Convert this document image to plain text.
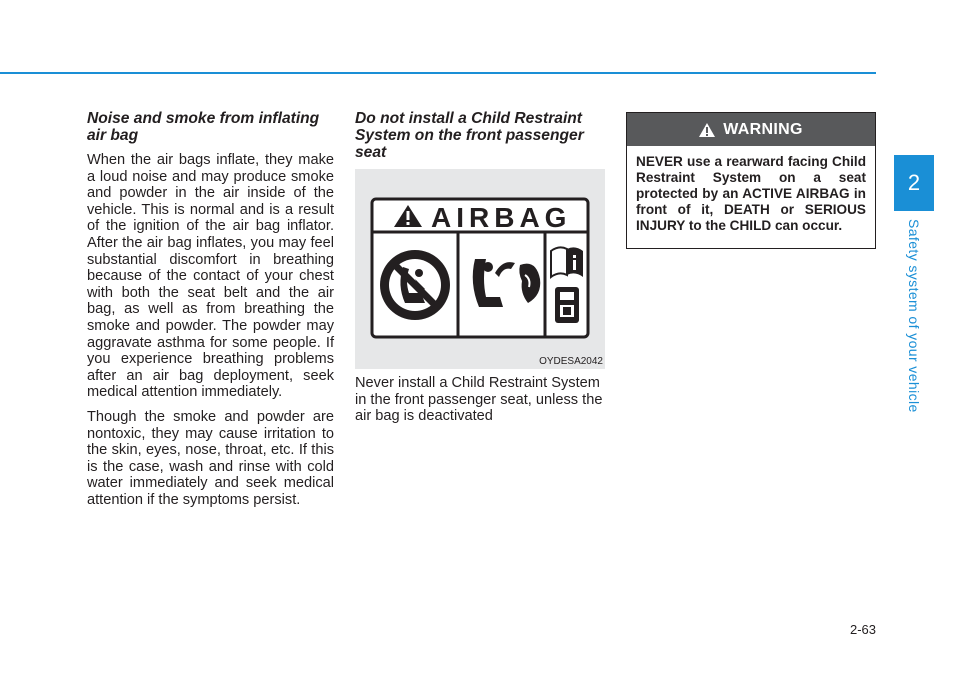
Noise and smoke from inflating air bag

When the air bags inflate, they make a loud noise and may produce smoke and powder in the air inside of the vehicle. This is normal and is a result of the ignition of the air bag inflator. After the air bag inflates, you may feel substantial discomfort in breathing because of the contact of your chest with both the seat belt and the air bag, as well as from breathing the smoke and powder. The powder may aggravate asthma for some people. If you experience breathing problems after an air bag deployment, seek medical attention immediately.

Though the smoke and powder are nontoxic, they may cause irritation to the skin, eyes, nose, throat, etc. If this is the case, wash and rinse with cold water immediately and seek medical attention if the symptoms persist.

Do not install a Child Restraint System on the front passenger seat
AIRBAG
OYDESA2042

Never install a Child Restraint System in the front passenger seat, unless the air bag is deactivated

WARNING
NEVER use a rearward facing Child Restraint System on a seat protected by an ACTIVE AIRBAG in front of it, DEATH or SERIOUS INJURY to the CHILD can occur.
2
Safety system of your vehicle
2-63
